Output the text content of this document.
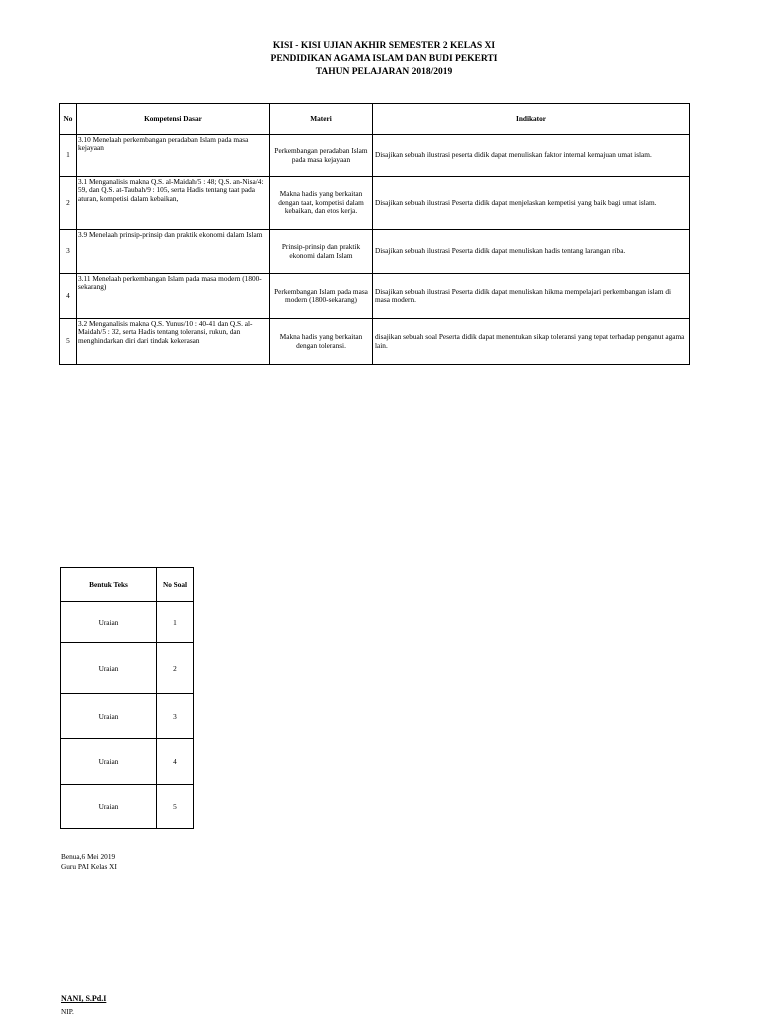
KISI - KISI UJIAN AKHIR SEMESTER 2 KELAS XI
PENDIDIKAN AGAMA ISLAM DAN BUDI PEKERTI
TAHUN PELAJARAN 2018/2019
No	Kompetensi Dasar	Materi	Indikator
1	3.10 Menelaah perkembangan peradaban Islam pada masa kejayaan	Perkembangan peradaban Islam pada masa kejayaan	Disajikan sebuah ilustrasi peserta didik dapat menuliskan faktor internal kemajuan umat islam.
2	3.1 Menganalisis makna Q.S. al-Maidah/5 : 48; Q.S. an-Nisa/4: 59, dan Q.S. at-Taubah/9 : 105, serta Hadis tentang taat pada aturan, kompetisi dalam kebaikan,	Makna hadis yang berkaitan dengan taat, kompetisi dalam kebaikan, dan etos kerja.	Disajikan sebuah ilustrasi Peserta didik dapat menjelaskan kempetisi yang baik bagi umat islam.
3	3.9 Menelaah prinsip-prinsip dan praktik ekonomi dalam Islam	Prinsip-prinsip dan praktik ekonomi dalam Islam	Disajikan sebuah ilustrasi Peserta didik dapat menuliskan hadis tentang larangan riba.
4	3.11 Menelaah perkembangan Islam pada masa modern (1800-sekarang)	Perkembangan Islam pada masa modern (1800-sekarang)	Disajikan sebuah ilustrasi Peserta didik dapat menuliskan hikma mempelajari perkembangan islam di masa modern.
5	3.2 Menganalisis makna Q.S. Yunus/10 : 40-41 dan Q.S. al-Maidah/5 : 32, serta Hadis tentang toleransi, rukun, dan menghindarkan diri dari tindak kekerasan	Makna hadis yang berkaitan dengan toleransi.	disajikan sebuah soal Peserta didik dapat menentukan sikap toleransi yang tepat terhadap penganut agama lain.
Bentuk Teks	No Soal
Uraian	1
Uraian	2
Uraian	3
Uraian	4
Uraian	5
Benua,6 Mei 2019
Guru PAI Kelas XI
NANI, S.Pd.I
NIP.
